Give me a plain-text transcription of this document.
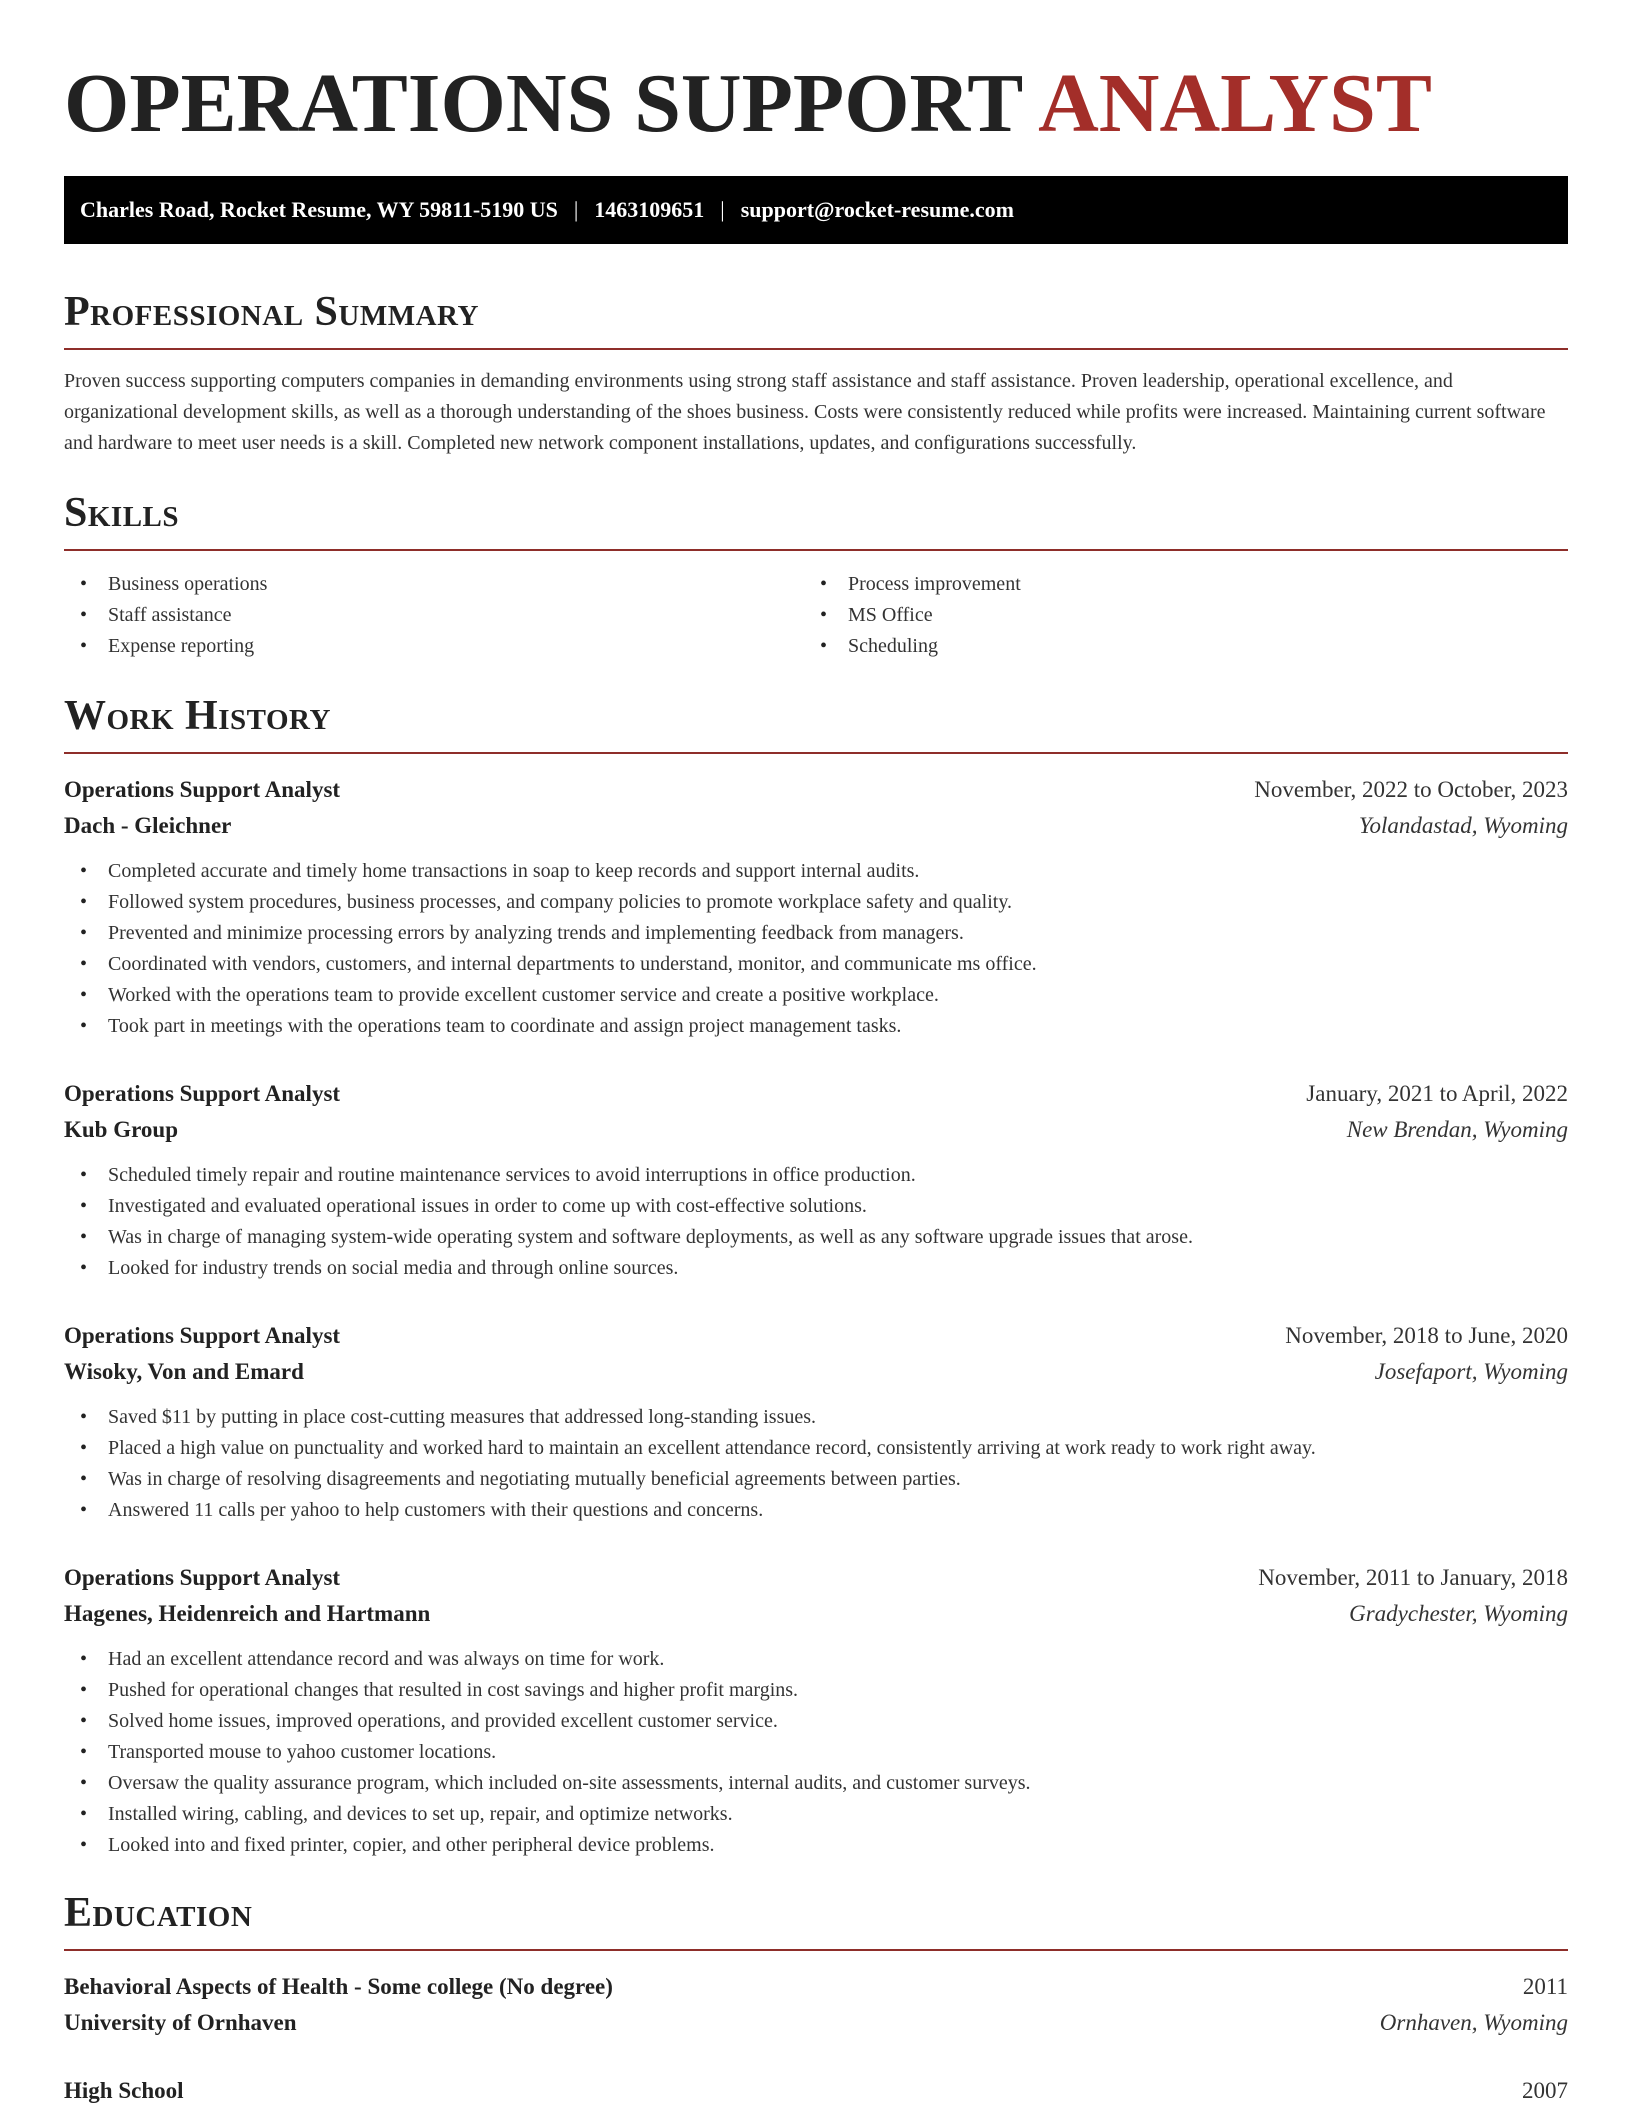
OPERATIONS SUPPORT ANALYST
Charles Road, Rocket Resume, WY 59811-5190 US | 1463109651 | support@rocket-resume.com
Professional Summary

Proven success supporting computers companies in demanding environments using strong staff assistance and staff assistance. Proven leadership, operational excellence, and organizational development skills, as well as a thorough understanding of the shoes business. Costs were consistently reduced while profits were increased. Maintaining current software and hardware to meet user needs is a skill. Completed new network component installations, updates, and configurations successfully.

Skills
• Business operations
• Staff assistance
• Expense reporting
• Process improvement
• MS Office
• Scheduling
Work History
Operations Support Analyst	November, 2022 to October, 2023
Dach - Gleichner	Yolandastad, Wyoming
• Completed accurate and timely home transactions in soap to keep records and support internal audits.
• Followed system procedures, business processes, and company policies to promote workplace safety and quality.
• Prevented and minimize processing errors by analyzing trends and implementing feedback from managers.
• Coordinated with vendors, customers, and internal departments to understand, monitor, and communicate ms office.
• Worked with the operations team to provide excellent customer service and create a positive workplace.
• Took part in meetings with the operations team to coordinate and assign project management tasks.
Operations Support Analyst	January, 2021 to April, 2022
Kub Group	New Brendan, Wyoming
• Scheduled timely repair and routine maintenance services to avoid interruptions in office production.
• Investigated and evaluated operational issues in order to come up with cost-effective solutions.
• Was in charge of managing system-wide operating system and software deployments, as well as any software upgrade issues that arose.
• Looked for industry trends on social media and through online sources.
Operations Support Analyst	November, 2018 to June, 2020
Wisoky, Von and Emard	Josefaport, Wyoming
• Saved $11 by putting in place cost-cutting measures that addressed long-standing issues.
• Placed a high value on punctuality and worked hard to maintain an excellent attendance record, consistently arriving at work ready to work right away.
• Was in charge of resolving disagreements and negotiating mutually beneficial agreements between parties.
• Answered 11 calls per yahoo to help customers with their questions and concerns.
Operations Support Analyst	November, 2011 to January, 2018
Hagenes, Heidenreich and Hartmann	Gradychester, Wyoming
• Had an excellent attendance record and was always on time for work.
• Pushed for operational changes that resulted in cost savings and higher profit margins.
• Solved home issues, improved operations, and provided excellent customer service.
• Transported mouse to yahoo customer locations.
• Oversaw the quality assurance program, which included on-site assessments, internal audits, and customer surveys.
• Installed wiring, cabling, and devices to set up, repair, and optimize networks.
• Looked into and fixed printer, copier, and other peripheral device problems.
Education
Behavioral Aspects of Health - Some college (No degree)	2011
University of Ornhaven	Ornhaven, Wyoming
High School	2007
